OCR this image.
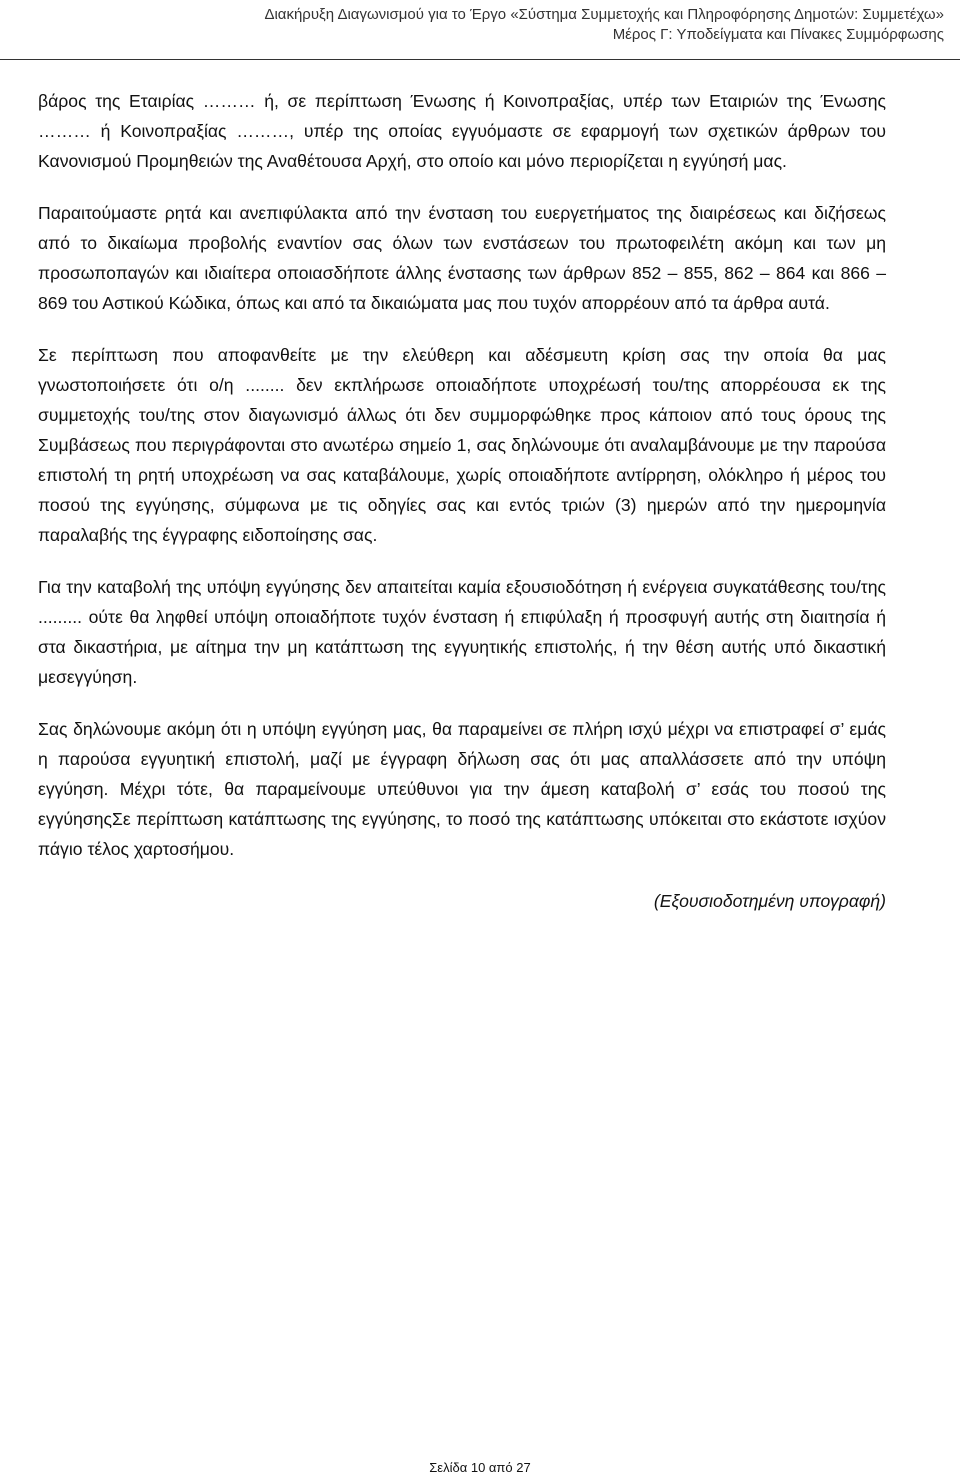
Διακήρυξη Διαγωνισμού για το Έργο «Σύστημα Συμμετοχής και Πληροφόρησης Δημοτών: Συμμετέχω»
Μέρος Γ: Υποδείγματα και Πίνακες Συμμόρφωσης

βάρος της Εταιρίας ……… ή, σε περίπτωση Ένωσης ή Κοινοπραξίας, υπέρ των Εταιριών της Ένωσης ……… ή Κοινοπραξίας ………, υπέρ της οποίας εγγυόμαστε σε εφαρμογή των σχετικών άρθρων του Κανονισμού Προμηθειών της Αναθέτουσα Αρχή, στο οποίο και μόνο περιορίζεται η εγγύησή μας.

Παραιτούμαστε ρητά και ανεπιφύλακτα από την ένσταση του ευεργετήματος της διαιρέσεως και διζήσεως από το δικαίωμα προβολής εναντίον σας όλων των ενστάσεων του πρωτοφειλέτη ακόμη και των μη προσωποπαγών και ιδιαίτερα οποιασδήποτε άλλης ένστασης των άρθρων 852 – 855, 862 – 864 και 866 – 869 του Αστικού Κώδικα, όπως και από τα δικαιώματα μας που τυχόν απορρέουν από τα άρθρα αυτά.

Σε περίπτωση που αποφανθείτε με την ελεύθερη και αδέσμευτη κρίση σας την οποία θα μας γνωστοποιήσετε ότι ο/η ........ δεν εκπλήρωσε οποιαδήποτε υποχρέωσή του/της απορρέουσα εκ της συμμετοχής του/της στον διαγωνισμό άλλως ότι δεν συμμορφώθηκε προς κάποιον από τους όρους της Συμβάσεως που περιγράφονται στο ανωτέρω σημείο 1, σας δηλώνουμε ότι αναλαμβάνουμε με την παρούσα επιστολή τη ρητή υποχρέωση να σας καταβάλουμε, χωρίς οποιαδήποτε αντίρρηση, ολόκληρο ή μέρος του ποσού της εγγύησης, σύμφωνα με τις οδηγίες σας και εντός τριών (3) ημερών από την ημερομηνία παραλαβής της έγγραφης ειδοποίησης σας.

Για την καταβολή της υπόψη εγγύησης δεν απαιτείται καμία εξουσιοδότηση ή ενέργεια συγκατάθεσης του/της ......... ούτε θα ληφθεί υπόψη οποιαδήποτε τυχόν ένσταση ή επιφύλαξη ή προσφυγή αυτής στη διαιτησία ή στα δικαστήρια, με αίτημα την μη κατάπτωση της εγγυητικής επιστολής, ή την θέση αυτής υπό δικαστική μεσεγγύηση.

Σας δηλώνουμε ακόμη ότι η υπόψη εγγύηση μας, θα παραμείνει σε πλήρη ισχύ μέχρι να επιστραφεί σ’ εμάς η παρούσα εγγυητική επιστολή, μαζί με έγγραφη δήλωση σας ότι μας απαλλάσσετε από την υπόψη εγγύηση. Μέχρι τότε, θα παραμείνουμε υπεύθυνοι για την άμεση καταβολή σ’ εσάς του ποσού της εγγύησηςΣε περίπτωση κατάπτωσης της εγγύησης, το ποσό της κατάπτωσης υπόκειται στο εκάστοτε ισχύον πάγιο τέλος χαρτοσήμου.

(Εξουσιοδοτημένη υπογραφή)

Σελίδα 10 από 27
